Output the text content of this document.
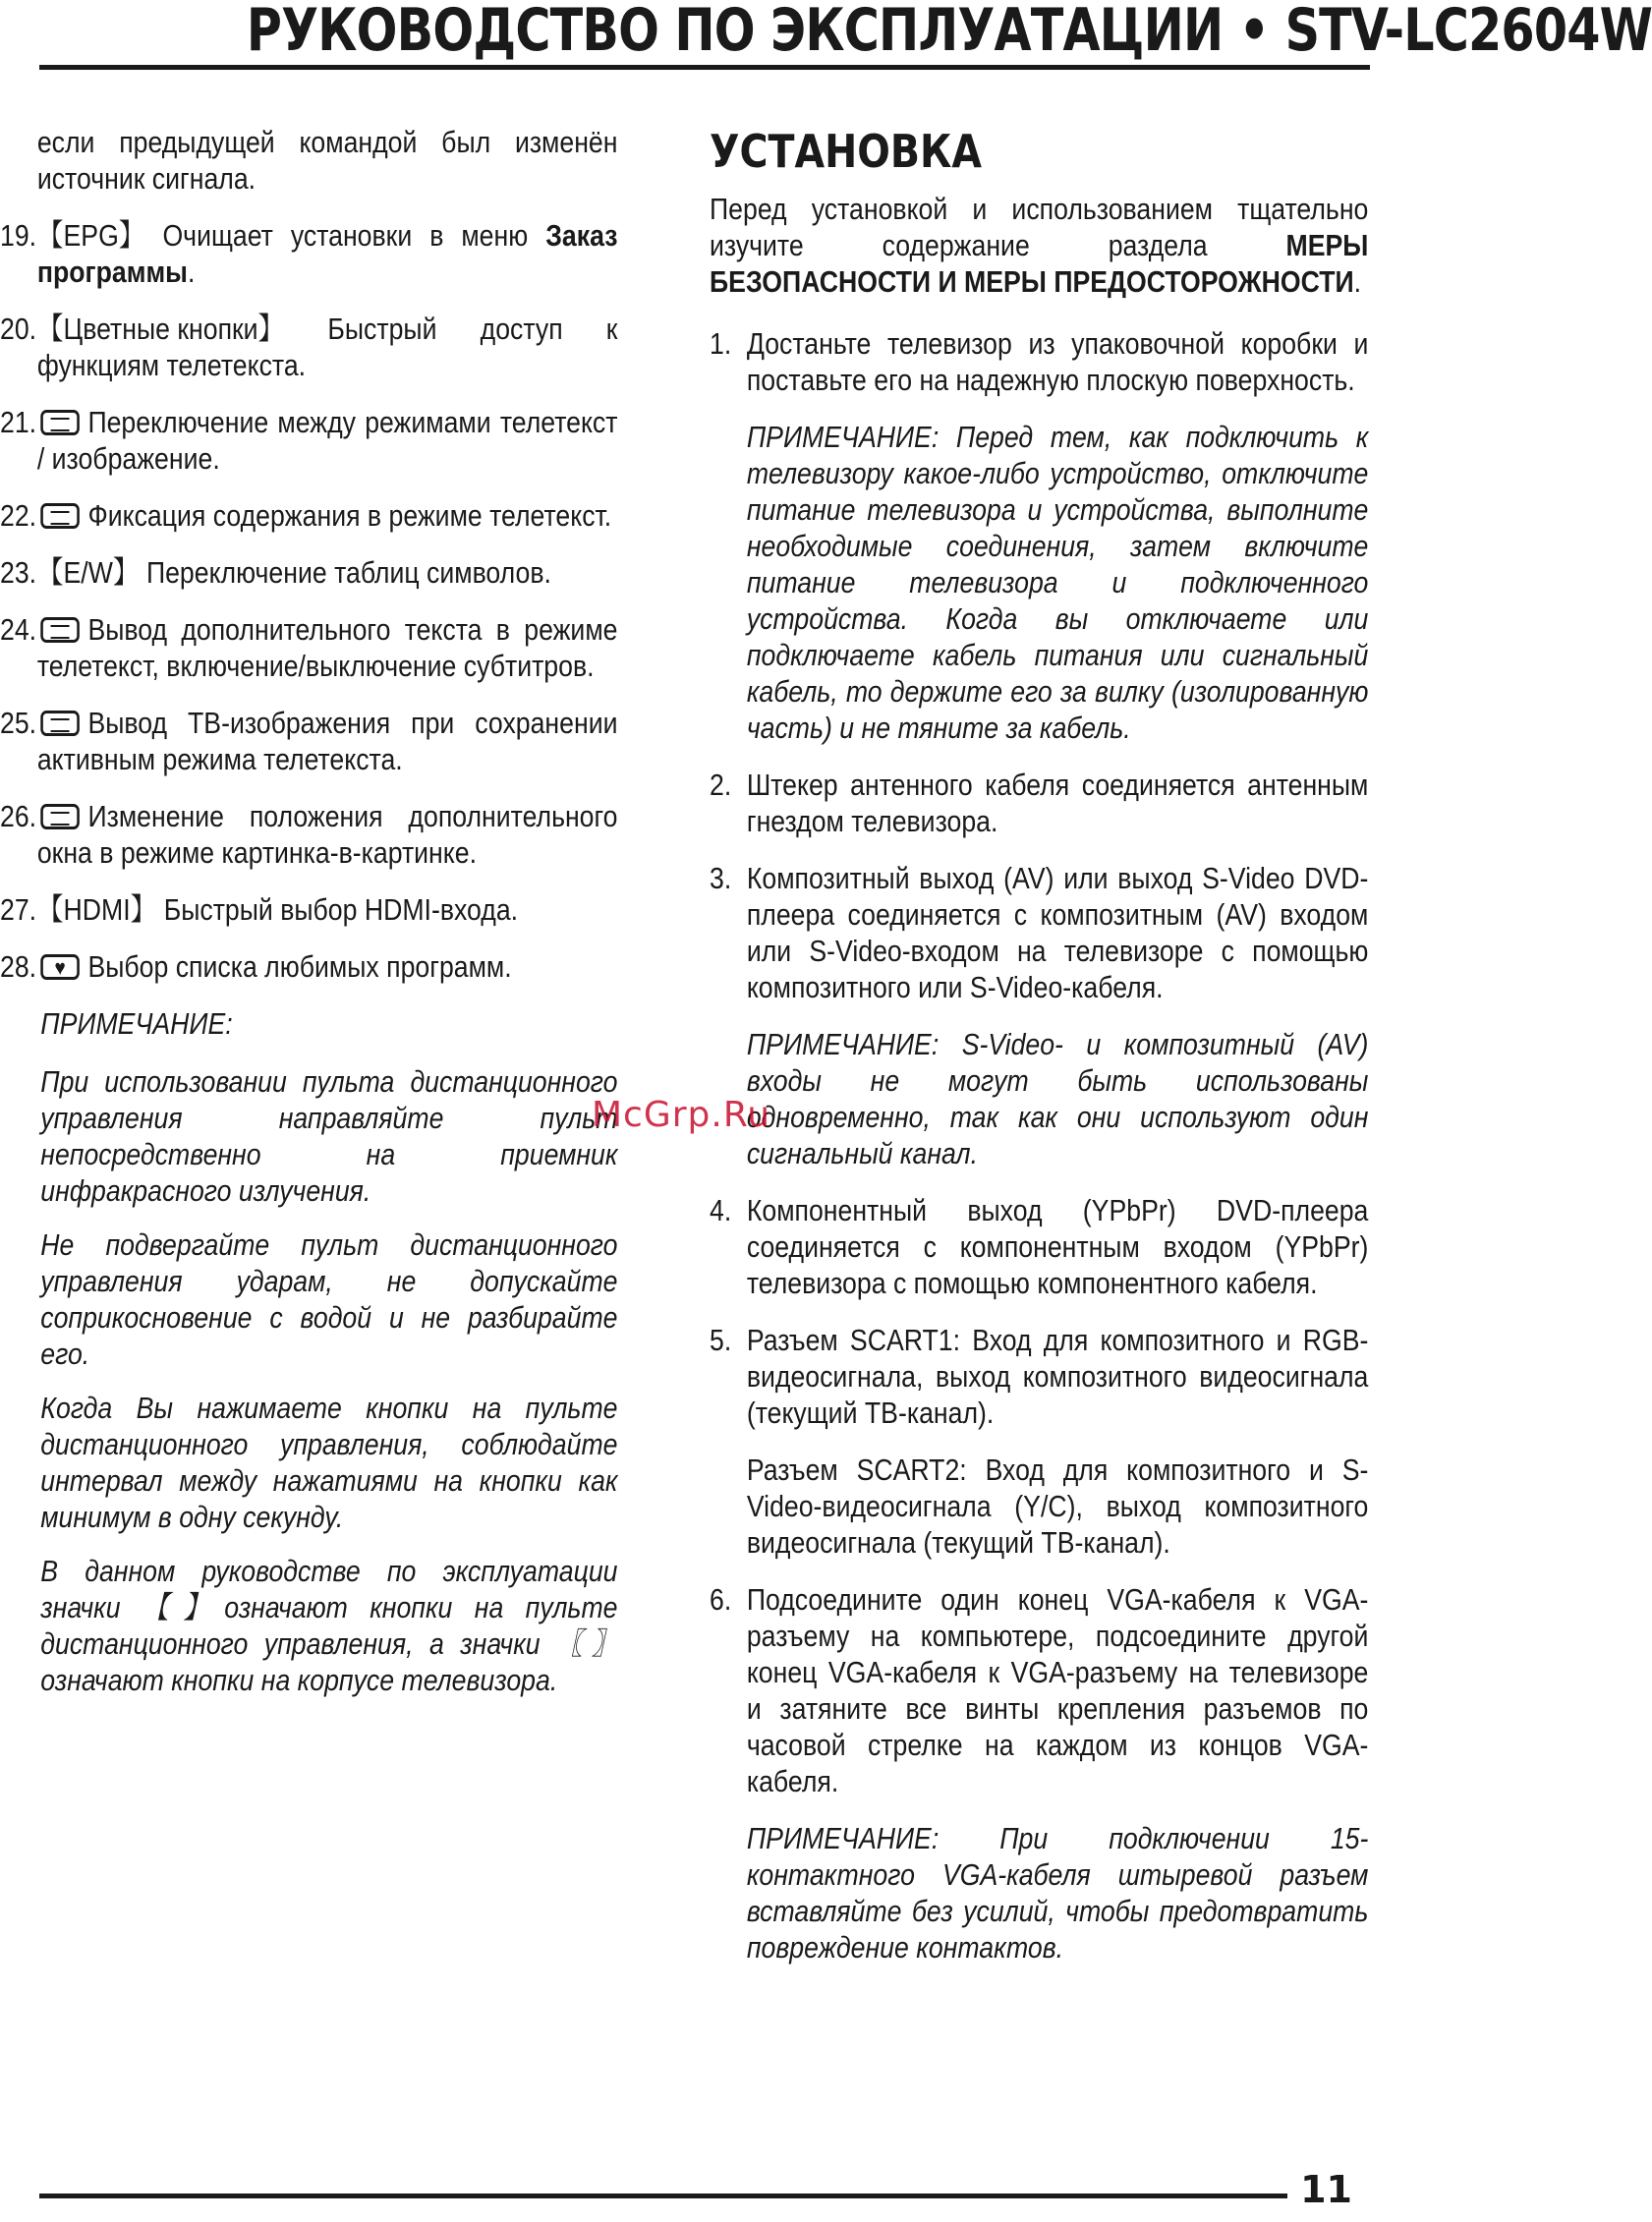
РУКОВОДСТВО ПО ЭКСПЛУАТАЦИИ • STV-LC2604W
если предыдущей командой был изменён источник сигнала.
19. 【EPG】 Очищает установки в меню Заказ программы.
20. 【Цветные кнопки】 Быстрый доступ к функциям телетекста.
21.	Переключение между режимами телетекст / изображение.
22.	Фиксация содержания в режиме телетекст.
23. 【E/W】 Переключение таблиц символов.
24.	Вывод дополнительного текста в режиме телетекст, включение/выключение субтитров.
25.	Вывод ТВ-изображения при сохранении активным режима телетекста.
26.	Изменение положения дополнительного окна в режиме картинка-в-картинке.
27. 【HDMI】 Быстрый выбор HDMI-входа.
28.
♥	Выбор списка любимых программ.
ПРИМЕЧАНИЕ:
При использовании пульта дистанционного управления направляйте пульт непосредственно на приемник инфракрасного излучения.
Не подвергайте пульт дистанционного управления ударам, не допускайте соприкосновение с водой и не разбирайте его.
Когда Вы нажимаете кнопки на пульте дистанционного управления, соблюдайте интервал между нажатиями на кнопки как минимум в одну секунду.
В данном руководстве по эксплуатации значки 【】означают кнопки на пульте дистанционного управления, а значки 〖〗 означают кнопки на корпусе телевизора.
УСТАНОВКА
Перед установкой и использованием тщательно изучите содержание раздела МЕРЫ БЕЗОПАСНОСТИ И МЕРЫ ПРЕДОСТОРОЖНОСТИ.
1. Достаньте телевизор из упаковочной коробки и поставьте его на надежную плоскую поверхность.
ПРИМЕЧАНИЕ: Перед тем, как подключить к телевизору какое-либо устройство, отключите питание телевизора и устройства, выполните необходимые соединения, затем включите питание телевизора и подключенного устройства. Когда вы отключаете или подключаете кабель питания или сигнальный кабель, то держите его за вилку (изолированную часть) и не тяните за кабель.
2. Штекер антенного кабеля соединяется антенным гнездом телевизора.
3. Композитный выход (AV) или выход S-Video DVD-плеера соединяется с композитным (AV) входом или S-Video-входом на телевизоре с помощью композитного или S-Video-кабеля.
ПРИМЕЧАНИЕ: S-Video- и композитный (AV) входы не могут быть использованы одновременно, так как они используют один сигнальный канал.
4. Компонентный выход (YPbPr) DVD-плеера соединяется с компонентным входом (YPbPr) телевизора с помощью компонентного кабеля.
5. Разъем SCART1: Вход для композитного и RGB-видеосигнала, выход композитного видеосигнала (текущий ТВ-канал).
Разъем SCART2: Вход для композитного и S-Video-видеосигнала (Y/C), выход композитного видеосигнала (текущий ТВ-канал).
6. Подсоедините один конец VGA-кабеля к VGA-разъему на компьютере, подсоедините другой конец VGA-кабеля к VGA-разъему на телевизоре и затяните все винты крепления разъемов по часовой стрелке на каждом из концов VGA-кабеля.
ПРИМЕЧАНИЕ: При подключении 15-контактного VGA-кабеля штыревой разъем вставляйте без усилий, чтобы предотвратить повреждение контактов.
McGrp.Ru
11
